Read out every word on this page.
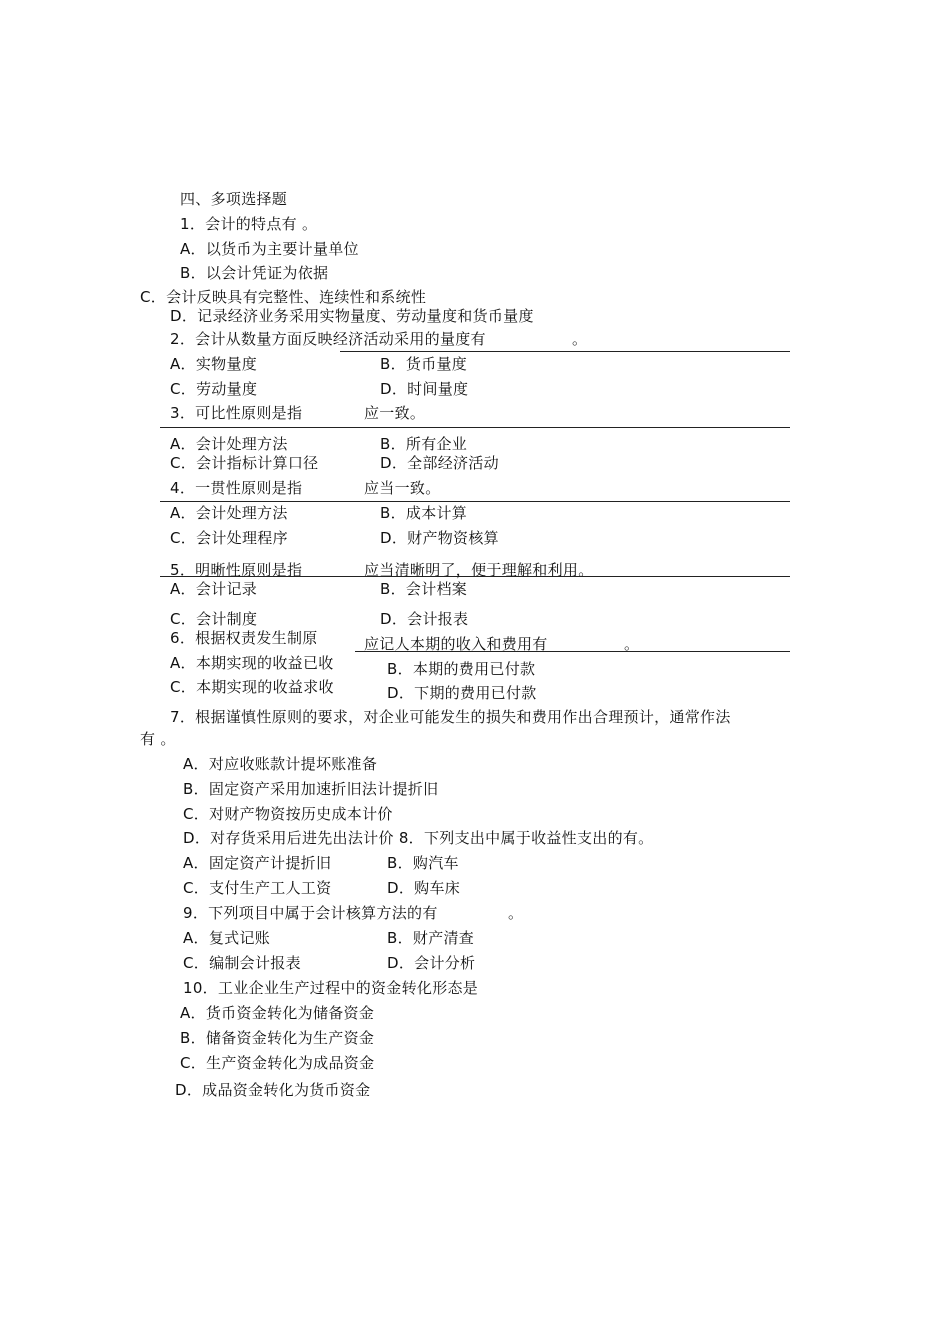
四、多项选择题
1．会计的特点有 。
A．以货币为主要计量单位
B．以会计凭证为依据
C．会计反映具有完整性、连续性和系统性
D．记录经济业务采用实物量度、劳动量度和货币量度
2．会计从数量方面反映经济活动采用的量度有	。
A．实物量度	B．货币量度
C．劳动量度	D．时间量度
3．可比性原则是指	应一致。
A．会计处理方法	B．所有企业
C．会计指标计算口径	D．全部经济活动
4．一贯性原则是指	应当一致。
A．会计处理方法	B．成本计算
C．会计处理程序	D．财产物资核算
5．明晰性原则是指	应当清晰明了，便于理解和利用。
A．会计记录	B．会计档案
C．会计制度	D．会计报表
6．根据权责发生制原	应记人本期的收入和费用有	。
A．本期实现的收益已收	B．本期的费用已付款
C．本期实现的收益求收	D．下期的费用已付款
7．根据谨慎性原则的要求，对企业可能发生的损失和费用作出合理预计，通常作法
有 。
A．对应收账款计提坏账准备
B．固定资产采用加速折旧法计提折旧
C．对财产物资按历史成本计价
D．对存货采用后进先出法计价 8．下列支出中属于收益性支出的有。
A．固定资产计提折旧	B．购汽车
C．支付生产工人工资	D．购车床
9．下列项目中属于会计核算方法的有	。
A．复式记账	B．财产清查
C．编制会计报表	D．会计分析
10．工业企业生产过程中的资金转化形态是
A．货币资金转化为储备资金
B．储备资金转化为生产资金
C．生产资金转化为成品资金
D．成品资金转化为货币资金
